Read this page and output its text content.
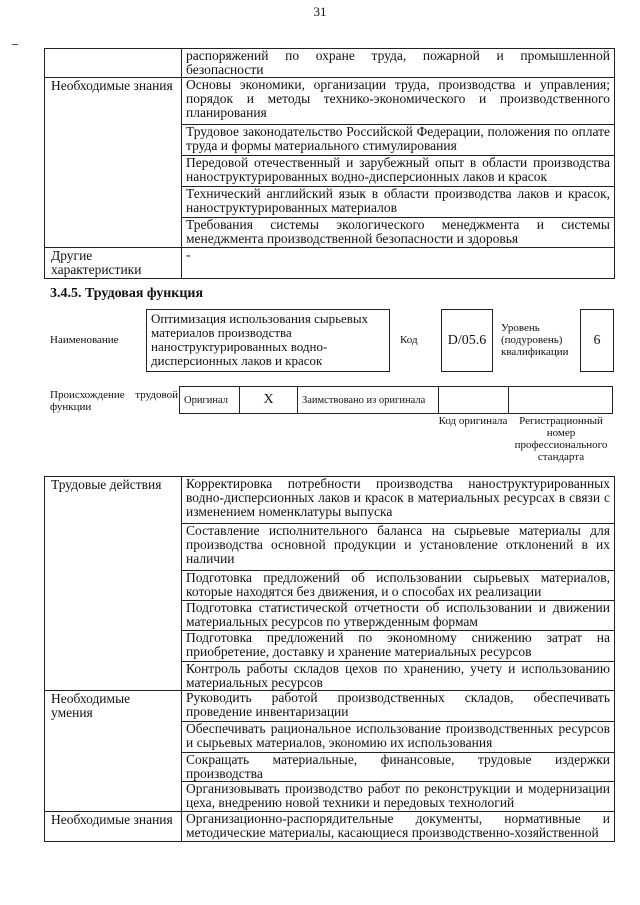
31
	распоряжений по охране труда, пожарной и промышленной безопасности
Необходимые знания	Основы экономики, организации труда, производства и управления; порядок и методы технико-экономического и производственного планирования
	Трудовое законодательство Российской Федерации, положения по оплате труда и формы материального стимулирования
	Передовой отечественный и зарубежный опыт в области производства наноструктурированных водно-дисперсионных лаков и красок
	Технический английский язык в области производства лаков и красок, наноструктурированных материалов
	Требования системы экологического менеджмента и системы менеджмента производственной безопасности и здоровья
Другие характеристики	-
3.4.5. Трудовая функция
Наименование
Оптимизация использования сырьевых материалов производства наноструктурированных водно-дисперсионных лаков и красок
Код	D/05.6
Уровень (подуровень) квалификации
6
Происхождение трудовой функции
Оригинал	X	Заимствовано из оригинала		
Код оригинала	Регистрационный номер профессионального стандарта
Трудовые действия	Корректировка потребности производства наноструктурированных водно-дисперсионных лаков и красок в материальных ресурсах в связи с изменением номенклатуры выпуска
	Составление исполнительного баланса на сырьевые материалы для производства основной продукции и установление отклонений в их наличии
	Подготовка предложений об использовании сырьевых материалов, которые находятся без движения, и о способах их реализации
	Подготовка статистической отчетности об использовании и движении материальных ресурсов по утвержденным формам
	Подготовка предложений по экономному снижению затрат на приобретение, доставку и хранение материальных ресурсов
	Контроль работы складов цехов по хранению, учету и использованию материальных ресурсов
Необходимые умения	Руководить работой производственных складов, обеспечивать проведение инвентаризации
	Обеспечивать рациональное использование производственных ресурсов и сырьевых материалов, экономию их использования
	Сокращать материальные, финансовые, трудовые издержки производства
	Организовывать производство работ по реконструкции и модернизации цеха, внедрению новой техники и передовых технологий
Необходимые знания	Организационно-распорядительные документы, нормативные и методические материалы, касающиеся производственно-хозяйственной
